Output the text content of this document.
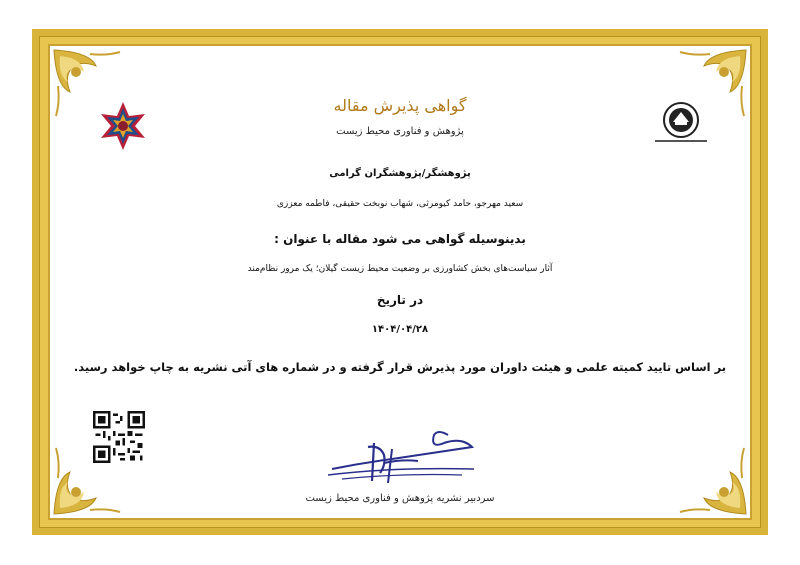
گواهی پذیرش مقاله
پژوهش و فناوری محیط زیست
پژوهشگر/پژوهشگران گرامی
سعید مهرجو، حامد کیومرثی، شهاب نوبخت حقیقی، فاطمه معززی
بدینوسیله گواهی می شود مقاله با عنوان :
آثار سیاست‌های بخش کشاورزی بر وضعیت محیط زیست گیلان؛ یک مرور نظام‌مند
در تاریخ
۱۴۰۴/۰۴/۲۸
بر اساس تایید کمیته علمی و هیئت داوران مورد پذیرش قرار گرفته و در شماره های آتی نشریه به چاپ خواهد رسید.
سردبیر نشریه پژوهش و فناوری محیط زیست
